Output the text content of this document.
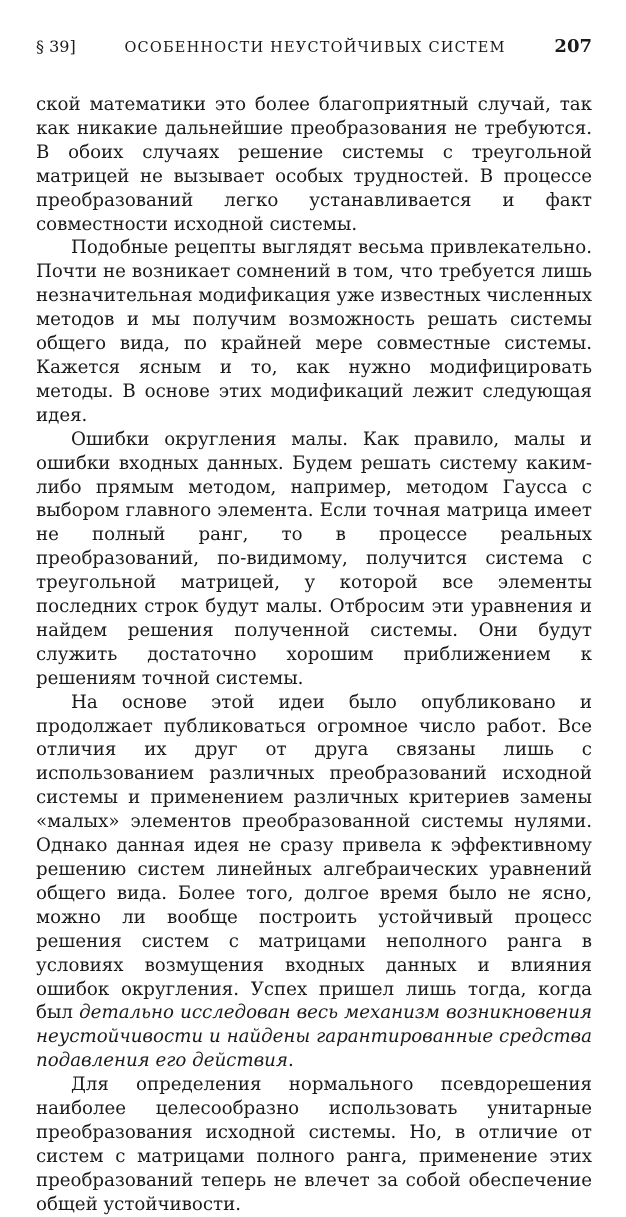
§ 39]	ОСОБЕННОСТИ НЕУСТОЙЧИВЫХ СИСТЕМ	207

ской математики это более благоприятный случай, так как никакие дальнейшие преобразования не требуются. В обоих случаях решение системы с треугольной матрицей не вызывает особых трудностей. В процессе преобразований легко устанавливается и факт совместности исходной системы.

Подобные рецепты выглядят весьма привлекательно. Почти не возникает сомнений в том, что требуется лишь незначительная модификация уже известных численных методов и мы получим возможность решать системы общего вида, по крайней мере совместные системы. Кажется ясным и то, как нужно модифицировать методы. В основе этих модификаций лежит следующая идея.

Ошибки округления малы. Как правило, малы и ошибки входных данных. Будем решать систему каким-либо прямым методом, например, методом Гаусса с выбором главного элемента. Если точная матрица имеет не полный ранг, то в процессе реальных преобразований, по-видимому, получится система с треугольной матрицей, у которой все элементы последних строк будут малы. Отбросим эти уравнения и найдем решения полученной системы. Они будут служить достаточно хорошим приближением к решениям точной системы.

На основе этой идеи было опубликовано и продолжает публиковаться огромное число работ. Все отличия их друг от друга связаны лишь с использованием различных преобразований исходной системы и применением различных критериев замены «малых» элементов преобразованной системы нулями. Однако данная идея не сразу привела к эффективному решению систем линейных алгебраических уравнений общего вида. Более того, долгое время было не ясно, можно ли вообще построить устойчивый процесс решения систем с матрицами неполного ранга в условиях возмущения входных данных и влияния ошибок округления. Успех пришел лишь тогда, когда был детально исследован весь механизм возникновения неустойчивости и найдены гарантированные средства подавления его действия.

Для определения нормального псевдорешения наиболее целесообразно использовать унитарные преобразования исходной системы. Но, в отличие от систем с матрицами полного ранга, применение этих преобразований теперь не влечет за собой обеспечение общей устойчивости.
